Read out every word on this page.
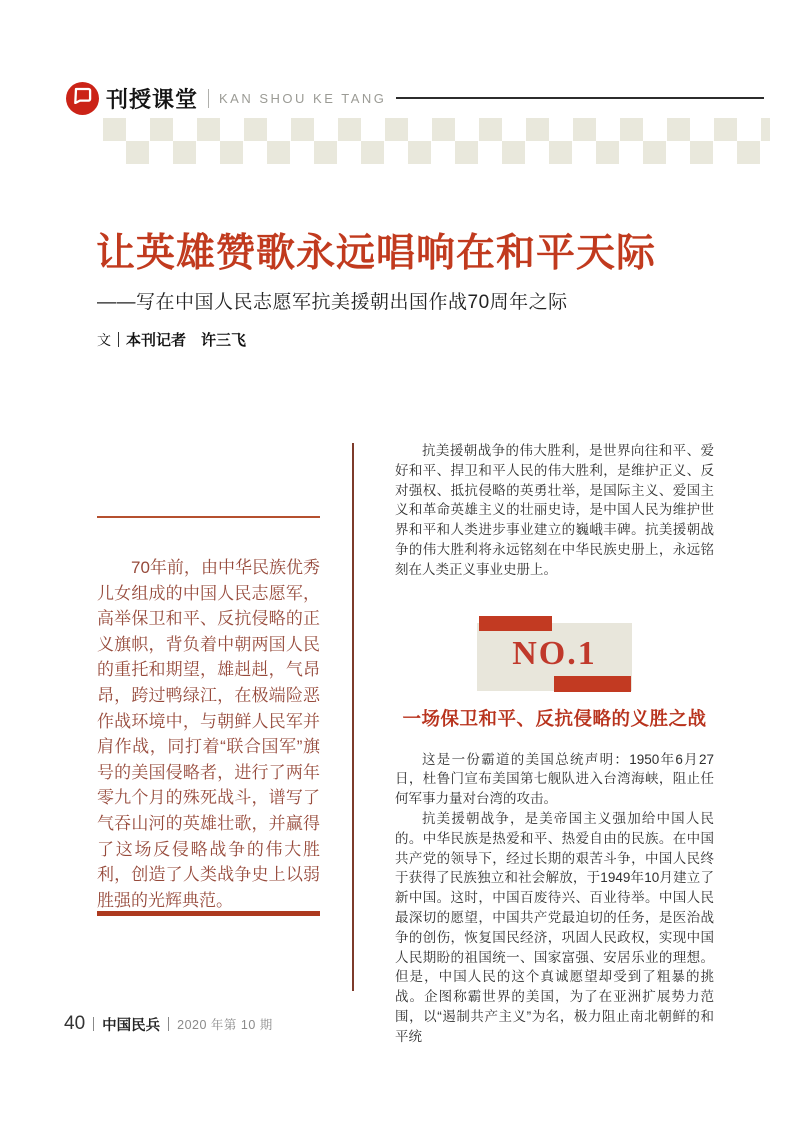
刊授课堂 KAN SHOU KE TANG
让英雄赞歌永远唱响在和平天际
——写在中国人民志愿军抗美援朝出国作战70周年之际
文 本刊记者　许三飞
70年前，由中华民族优秀儿女组成的中国人民志愿军，高举保卫和平、反抗侵略的正义旗帜，背负着中朝两国人民的重托和期望，雄赳赳，气昂昂，跨过鸭绿江，在极端险恶作战环境中，与朝鲜人民军并肩作战，同打着“联合国军”旗号的美国侵略者，进行了两年零九个月的殊死战斗，谱写了气吞山河的英雄壮歌，并赢得了这场反侵略战争的伟大胜利，创造了人类战争史上以弱胜强的光辉典范。

抗美援朝战争的伟大胜利，是世界向往和平、爱好和平、捍卫和平人民的伟大胜利，是维护正义、反对强权、抵抗侵略的英勇壮举，是国际主义、爱国主义和革命英雄主义的壮丽史诗，是中国人民为维护世界和平和人类进步事业建立的巍峨丰碑。抗美援朝战争的伟大胜利将永远铭刻在中华民族史册上，永远铭刻在人类正义事业史册上。

NO.1
一场保卫和平、反抗侵略的义胜之战

这是一份霸道的美国总统声明：1950年6月27日，杜鲁门宣布美国第七舰队进入台湾海峡，阻止任何军事力量对台湾的攻击。

抗美援朝战争，是美帝国主义强加给中国人民的。中华民族是热爱和平、热爱自由的民族。在中国共产党的领导下，经过长期的艰苦斗争，中国人民终于获得了民族独立和社会解放，于1949年10月建立了新中国。这时，中国百废待兴、百业待举。中国人民最深切的愿望，中国共产党最迫切的任务，是医治战争的创伤，恢复国民经济，巩固人民政权，实现中国人民期盼的祖国统一、国家富强、安居乐业的理想。但是，中国人民的这个真诚愿望却受到了粗暴的挑战。企图称霸世界的美国，为了在亚洲扩展势力范围，以“遏制共产主义”为名，极力阻止南北朝鲜的和平统

40 中国民兵 2020 年第 10 期
